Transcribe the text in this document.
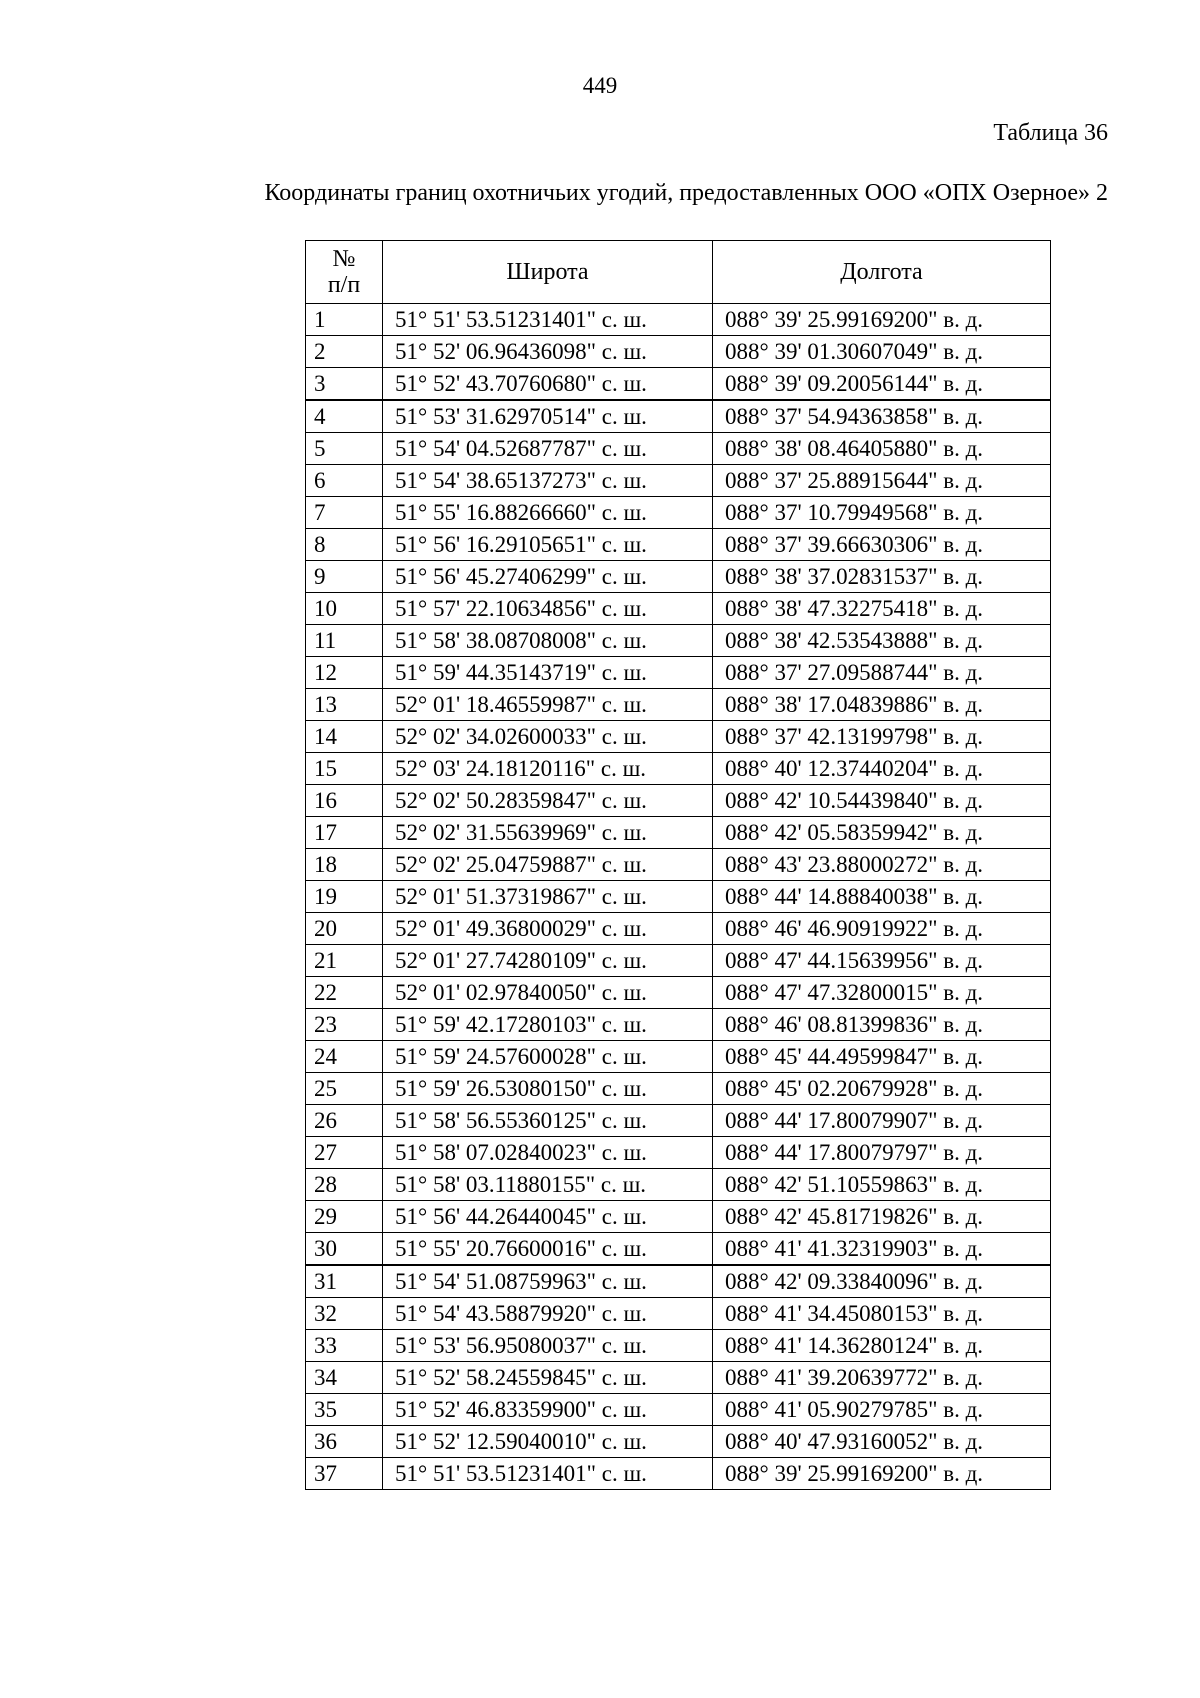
449
Таблица 36
Координаты границ охотничьих угодий, предоставленных ООО «ОПХ Озерное» 2
№
п/п	Широта	Долгота
1	51° 51' 53.51231401" с. ш.	088° 39' 25.99169200" в. д.
2	51° 52' 06.96436098" с. ш.	088° 39' 01.30607049" в. д.
3	51° 52' 43.70760680" с. ш.	088° 39' 09.20056144" в. д.
4	51° 53' 31.62970514" с. ш.	088° 37' 54.94363858" в. д.
5	51° 54' 04.52687787" с. ш.	088° 38' 08.46405880" в. д.
6	51° 54' 38.65137273" с. ш.	088° 37' 25.88915644" в. д.
7	51° 55' 16.88266660" с. ш.	088° 37' 10.79949568" в. д.
8	51° 56' 16.29105651" с. ш.	088° 37' 39.66630306" в. д.
9	51° 56' 45.27406299" с. ш.	088° 38' 37.02831537" в. д.
10	51° 57' 22.10634856" с. ш.	088° 38' 47.32275418" в. д.
11	51° 58' 38.08708008" с. ш.	088° 38' 42.53543888" в. д.
12	51° 59' 44.35143719" с. ш.	088° 37' 27.09588744" в. д.
13	52° 01' 18.46559987" с. ш.	088° 38' 17.04839886" в. д.
14	52° 02' 34.02600033" с. ш.	088° 37' 42.13199798" в. д.
15	52° 03' 24.18120116" с. ш.	088° 40' 12.37440204" в. д.
16	52° 02' 50.28359847" с. ш.	088° 42' 10.54439840" в. д.
17	52° 02' 31.55639969" с. ш.	088° 42' 05.58359942" в. д.
18	52° 02' 25.04759887" с. ш.	088° 43' 23.88000272" в. д.
19	52° 01' 51.37319867" с. ш.	088° 44' 14.88840038" в. д.
20	52° 01' 49.36800029" с. ш.	088° 46' 46.90919922" в. д.
21	52° 01' 27.74280109" с. ш.	088° 47' 44.15639956" в. д.
22	52° 01' 02.97840050" с. ш.	088° 47' 47.32800015" в. д.
23	51° 59' 42.17280103" с. ш.	088° 46' 08.81399836" в. д.
24	51° 59' 24.57600028" с. ш.	088° 45' 44.49599847" в. д.
25	51° 59' 26.53080150" с. ш.	088° 45' 02.20679928" в. д.
26	51° 58' 56.55360125" с. ш.	088° 44' 17.80079907" в. д.
27	51° 58' 07.02840023" с. ш.	088° 44' 17.80079797" в. д.
28	51° 58' 03.11880155" с. ш.	088° 42' 51.10559863" в. д.
29	51° 56' 44.26440045" с. ш.	088° 42' 45.81719826" в. д.
30	51° 55' 20.76600016" с. ш.	088° 41' 41.32319903" в. д.
31	51° 54' 51.08759963" с. ш.	088° 42' 09.33840096" в. д.
32	51° 54' 43.58879920" с. ш.	088° 41' 34.45080153" в. д.
33	51° 53' 56.95080037" с. ш.	088° 41' 14.36280124" в. д.
34	51° 52' 58.24559845" с. ш.	088° 41' 39.20639772" в. д.
35	51° 52' 46.83359900" с. ш.	088° 41' 05.90279785" в. д.
36	51° 52' 12.59040010" с. ш.	088° 40' 47.93160052" в. д.
37	51° 51' 53.51231401" с. ш.	088° 39' 25.99169200" в. д.
